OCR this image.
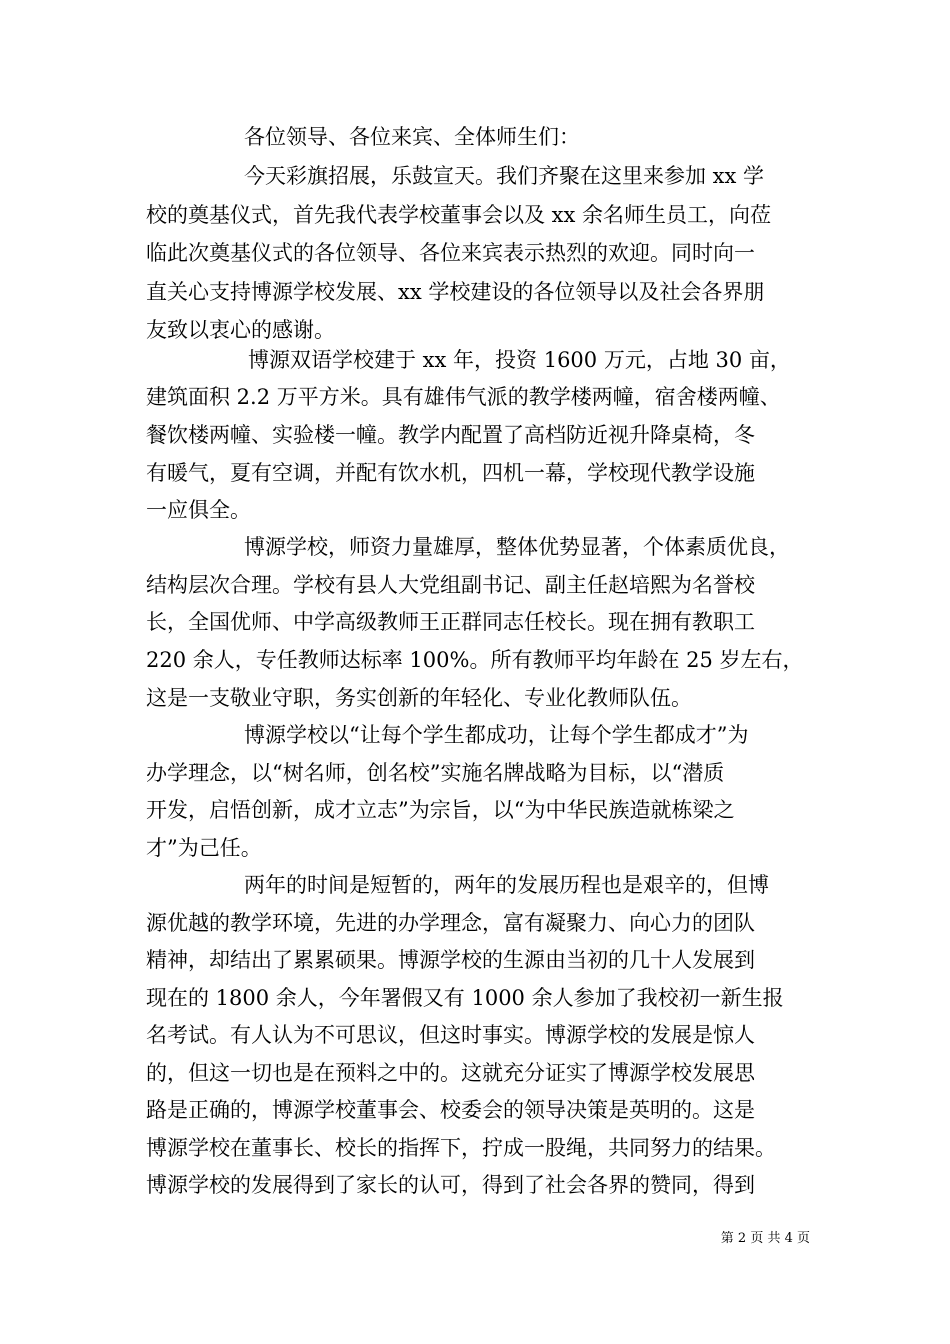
各位领导、各位来宾、全体师生们：
今天彩旗招展，乐鼓宣天。我们齐聚在这里来参加 xx 学
校的奠基仪式，首先我代表学校董事会以及 xx 余名师生员工，向莅
临此次奠基仪式的各位领导、各位来宾表示热烈的欢迎。同时向一
直关心支持博源学校发展、xx 学校建设的各位领导以及社会各界朋
友致以衷心的感谢。
博源双语学校建于 xx 年，投资 1600 万元，占地 30 亩，
建筑面积 2.2 万平方米。具有雄伟气派的教学楼两幢，宿舍楼两幢、
餐饮楼两幢、实验楼一幢。教学内配置了高档防近视升降桌椅，冬
有暖气，夏有空调，并配有饮水机，四机一幕，学校现代教学设施
一应俱全。
博源学校，师资力量雄厚，整体优势显著，个体素质优良，
结构层次合理。学校有县人大党组副书记、副主任赵培熙为名誉校
长，全国优师、中学高级教师王正群同志任校长。现在拥有教职工
220 余人，专任教师达标率 100%。所有教师平均年龄在 25 岁左右，
这是一支敬业守职，务实创新的年轻化、专业化教师队伍。
博源学校以“让每个学生都成功，让每个学生都成才”为
办学理念，以“树名师，创名校”实施名牌战略为目标，以“潜质
开发，启悟创新，成才立志”为宗旨，以“为中华民族造就栋梁之
才”为己任。
两年的时间是短暂的，两年的发展历程也是艰辛的，但博
源优越的教学环境，先进的办学理念，富有凝聚力、向心力的团队
精神，却结出了累累硕果。博源学校的生源由当初的几十人发展到
现在的 1800 余人，今年署假又有 1000 余人参加了我校初一新生报
名考试。有人认为不可思议，但这时事实。博源学校的发展是惊人
的，但这一切也是在预料之中的。这就充分证实了博源学校发展思
路是正确的，博源学校董事会、校委会的领导决策是英明的。这是
博源学校在董事长、校长的指挥下，拧成一股绳，共同努力的结果。
博源学校的发展得到了家长的认可，得到了社会各界的赞同，得到
第 2 页 共 4 页
